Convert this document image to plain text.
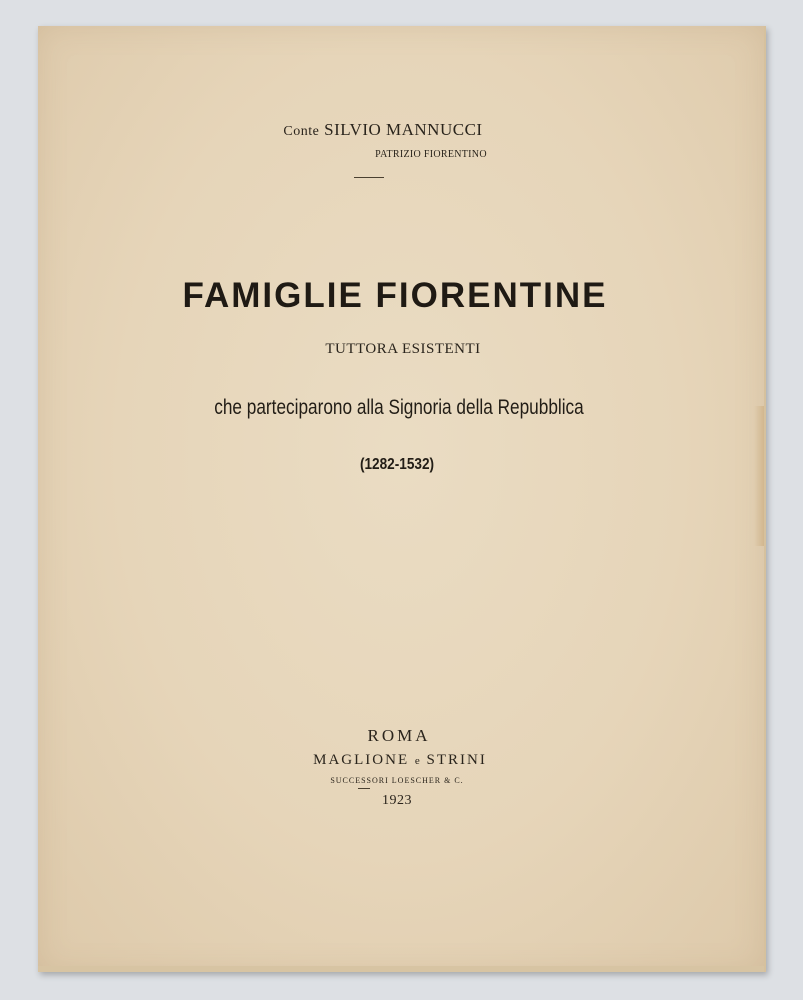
Conte SILVIO MANNUCCI
PATRIZIO FIORENTINO
FAMIGLIE FIORENTINE
TUTTORA ESISTENTI
che parteciparono alla Signoria della Repubblica
(1282-1532)
ROMA
MAGLIONE e STRINI
SUCCESSORI LOESCHER & C.
1923
